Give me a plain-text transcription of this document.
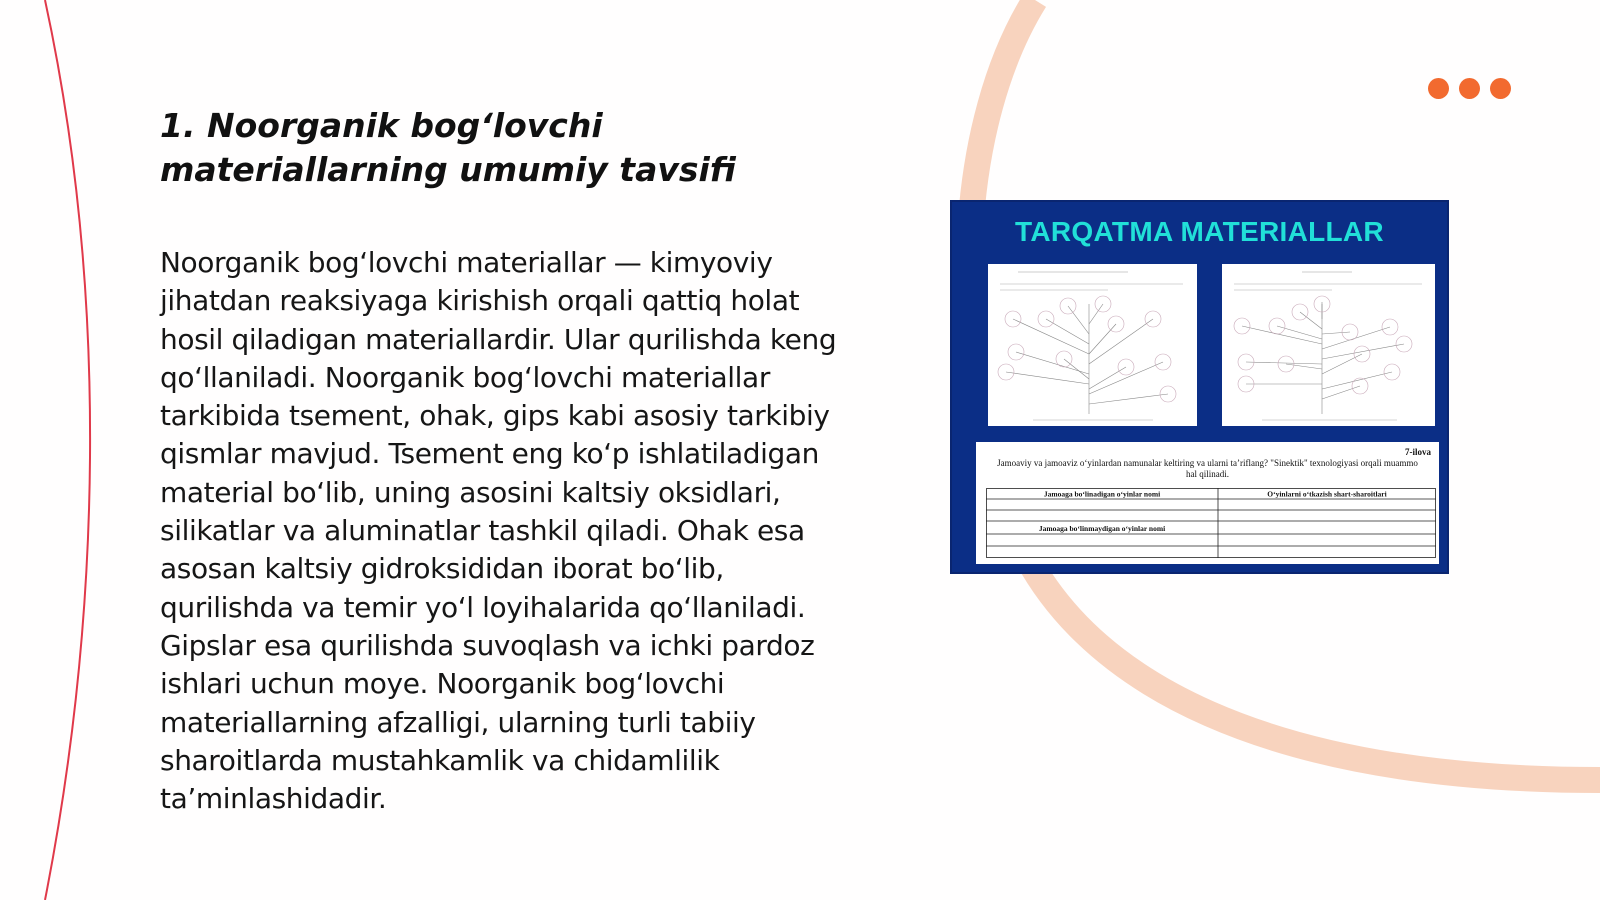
1. Noorganik bog‘lovchi materiallarning umumiy tavsifi

Noorganik bog‘lovchi materiallar — kimyoviy jihatdan reaksiyaga kirishish orqali qattiq holat hosil qiladigan materiallardir. Ular qurilishda keng qo‘llaniladi. Noorganik bog‘lovchi materiallar tarkibida tsement, ohak, gips kabi asosiy tarkibiy qismlar mavjud. Tsement eng ko‘p ishlatiladigan material bo‘lib, uning asosini kaltsiy oksidlari, silikatlar va aluminatlar tashkil qiladi. Ohak esa asosan kaltsiy gidroksididan iborat bo‘lib, qurilishda va temir yo‘l loyihalarida qo‘llaniladi. Gipslar esa qurilishda suvoqlash va ichki pardoz ishlari uchun moye. Noorganik bog‘lovchi materiallarning afzalligi, ularning turli tabiiy sharoitlarda mustahkamlik va chidamlilik ta’minlashidadir.

TARQATMA MATERIALLAR
7-ilova
Jamoaviy va jamoaviz o‘yinlardan namunalar keltiring va ularni ta’riflang? "Sinektik" texnologiyasi orqali muammo hal qilinadi.
Jamoaga bo‘linadigan o‘yinlar nomi	O‘yinlarni o‘tkazish shart-sharoitlari
Jamoaga bo‘linmaydigan o‘yinlar nomi
